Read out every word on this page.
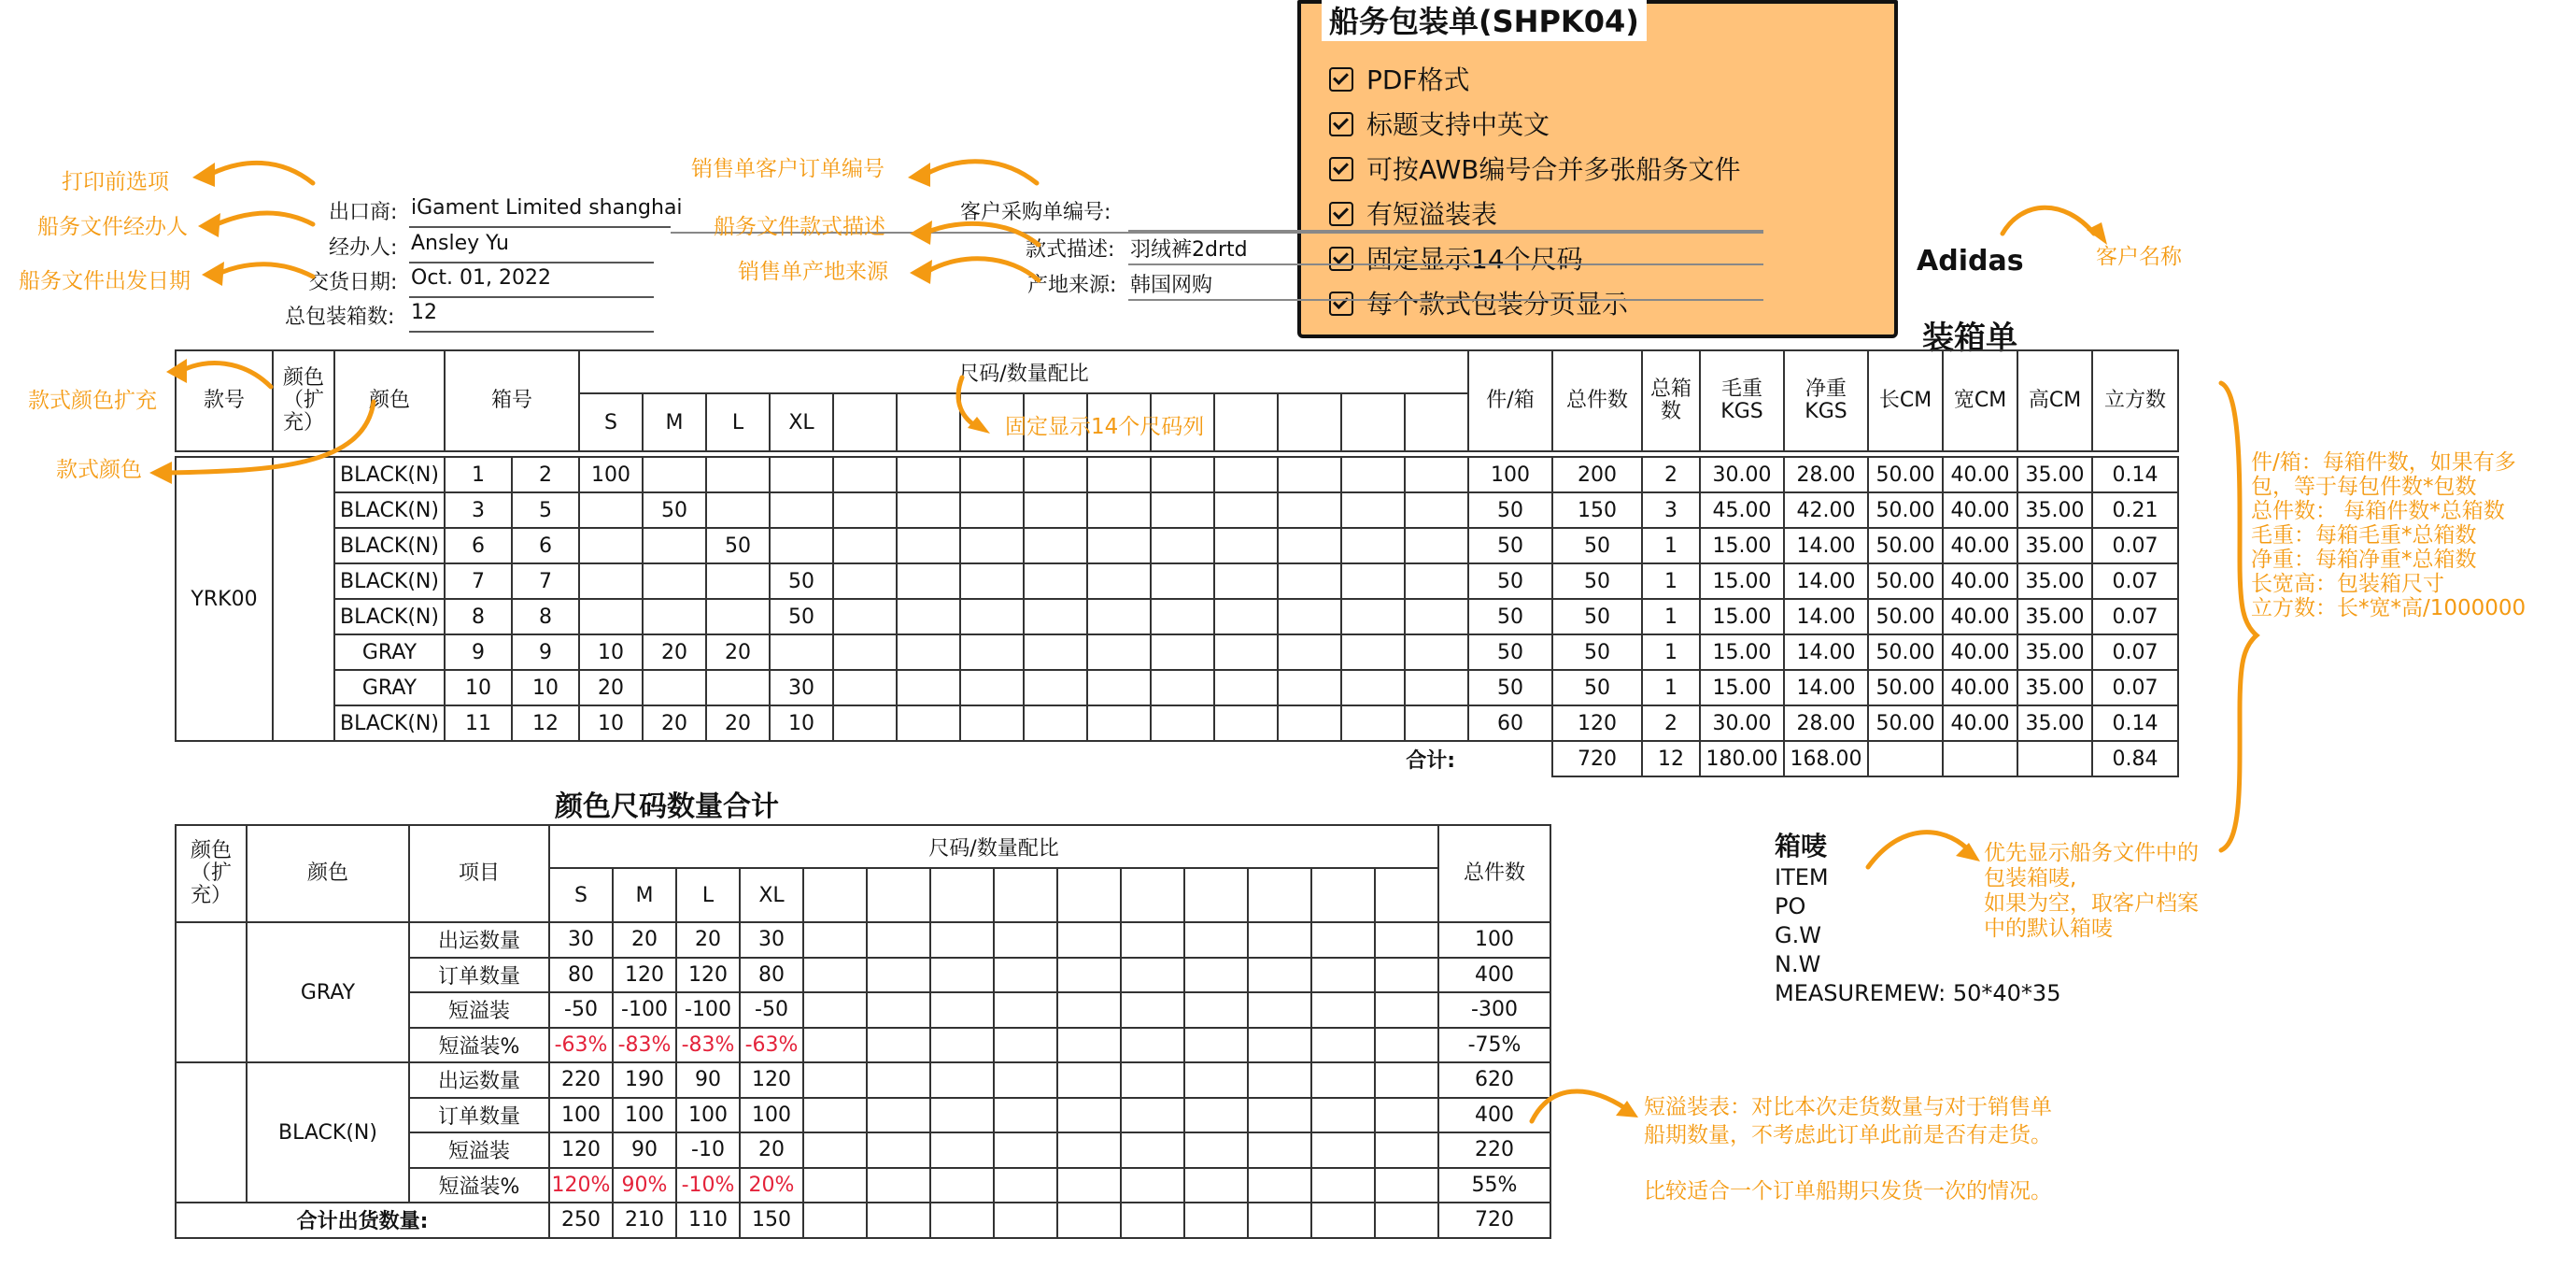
船务包装单(SHPK04)
PDF格式
标题支持中英文
可按AWB编号合并多张船务文件
有短溢装表
固定显示14个尺码
每个款式包装分页显示
出口商: iGament Limited shanghai
经办人: Ansley Yu
交货日期: Oct. 01, 2022
总包装箱数: 12
客户采购单编号:
款式描述: 羽绒裤2drtd
产地来源: 韩国网购
Adidas
装箱单
款号	颜色（扩充）	颜色	箱号		尺码/数量配比														件/箱	总件数	总箱数	毛重KGS	净重KGS	长CM	宽CM	高CM	立方数
					S	M	L	XL																			

YRK00		BLACK(N)	1	2	100														100	200	2	30.00	28.00	50.00	40.00	35.00	0.14
		BLACK(N)	3	5		50													50	150	3	45.00	42.00	50.00	40.00	35.00	0.21
		BLACK(N)	6	6			50												50	50	1	15.00	14.00	50.00	40.00	35.00	0.07
		BLACK(N)	7	7				50											50	50	1	15.00	14.00	50.00	40.00	35.00	0.07
		BLACK(N)	8	8				50											50	50	1	15.00	14.00	50.00	40.00	35.00	0.07
		GRAY	9	9	10	20	20												50	50	1	15.00	14.00	50.00	40.00	35.00	0.07
		GRAY	10	10	20			30											50	50	1	15.00	14.00	50.00	40.00	35.00	0.07
		BLACK(N)	11	12	10	20	20	10											60	120	2	30.00	28.00	50.00	40.00	35.00	0.14
合计:																				720	12	180.00	168.00				0.84
颜色尺码数量合计
颜色（扩充）	颜色	项目	尺码/数量配比														总件数
			S	M	L	XL											
	GRAY	出运数量	30	20	20	30											100
		订单数量	80	120	120	80											400
		短溢装	-50	-100	-100	-50											-300
		短溢装%	-63%	-83%	-83%	-63%											-75%
	BLACK(N)	出运数量	220	190	90	120											620
		订单数量	100	100	100	100											400
		短溢装	120	90	-10	20											220
		短溢装%	120%	90%	-10%	20%											55%
合计出货数量:			250	210	110	150											720
箱唛
ITEM
PO
G.W
N.W
MEASUREMEW: 50*40*35
打印前选项
船务文件经办人
船务文件出发日期
销售单客户订单编号
船务文件款式描述
销售单产地来源
客户名称
款式颜色扩充
款式颜色
固定显示14个尺码列
件/箱：每箱件数，如果有多
包，等于每包件数*包数
总件数： 每箱件数*总箱数
毛重：每箱毛重*总箱数
净重：每箱净重*总箱数
长宽高：包装箱尺寸
立方数：长*宽*高/1000000
优先显示船务文件中的
包装箱唛,
如果为空，取客户档案
中的默认箱唛
短溢装表：对比本次走货数量与对于销售单
船期数量，不考虑此订单此前是否有走货。

比较适合一个订单船期只发货一次的情况。
